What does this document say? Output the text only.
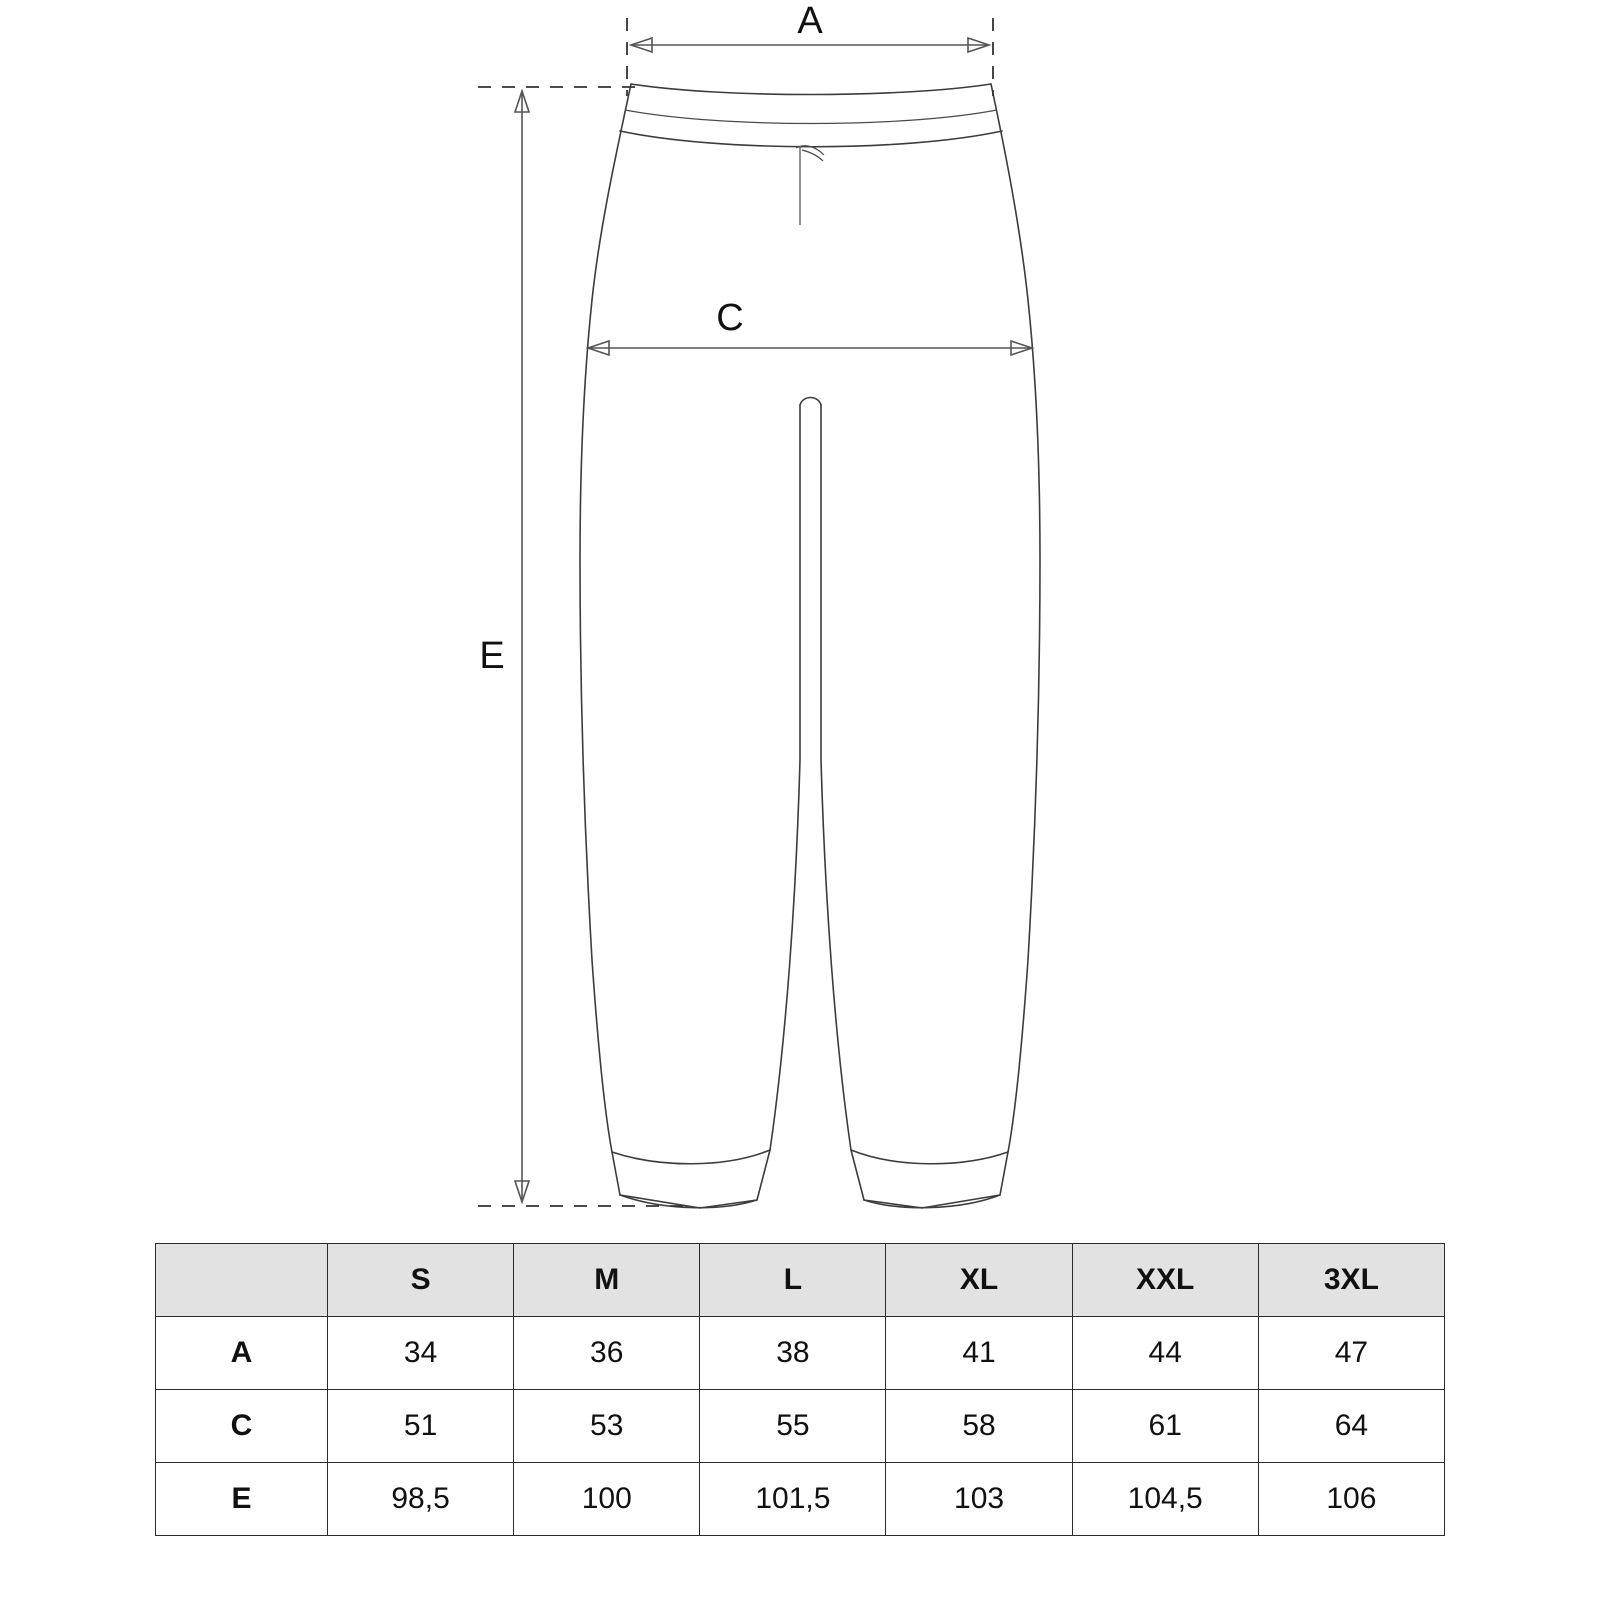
A
C
E
	S	M	L	XL	XXL	3XL
A	34	36	38	41	44	47
C	51	53	55	58	61	64
E	98,5	100	101,5	103	104,5	106
